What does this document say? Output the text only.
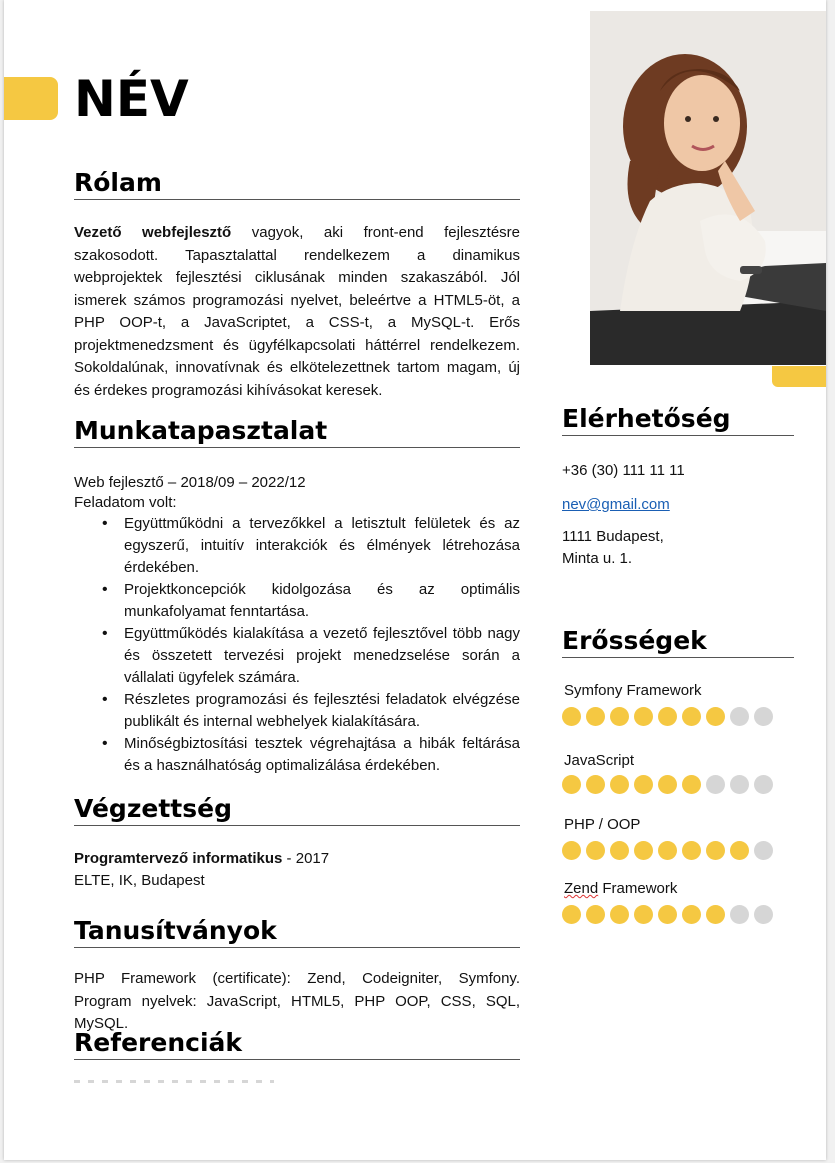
NÉV
Rólam
Vezető webfejlesztő vagyok, aki front-end fejlesztésre szakosodott. Tapasztalattal rendelkezem a dinamikus webprojektek fejlesztési ciklusának minden szakaszából. Jól ismerek számos programozási nyelvet, beleértve a HTML5-öt, a PHP OOP-t, a JavaScriptet, a CSS-t, a MySQL-t. Erős projektmenedzsment és ügyfélkapcsolati háttérrel rendelkezem. Sokoldalúnak, innovatívnak és elkötelezettnek tartom magam, új és érdekes programozási kihívásokat keresek.
Munkatapasztalat
Web fejlesztő – 2018/09 – 2022/12
Feladatom volt:
• Együttműködni a tervezőkkel a letisztult felületek és az egyszerű, intuitív interakciók és élmények létrehozása érdekében.
• Projektkoncepciók kidolgozása és az optimális munkafolyamat fenntartása.
• Együttműködés kialakítása a vezető fejlesztővel több nagy és összetett tervezési projekt menedzselése során a vállalati ügyfelek számára.
• Részletes programozási és fejlesztési feladatok elvégzése publikált és internal webhelyek kialakítására.
• Minőségbiztosítási tesztek végrehajtása a hibák feltárása és a használhatóság optimalizálása érdekében.
Végzettség
Programtervező informatikus - 2017
ELTE, IK, Budapest
Tanusítványok
PHP Framework (certificate): Zend, Codeigniter, Symfony. Program nyelvek: JavaScript, HTML5, PHP OOP, CSS, SQL, MySQL.
Referenciák
Elérhetőség
+36 (30) 111 11 11
nev@gmail.com
1111 Budapest,
Minta u. 1.
Erősségek
Symfony Framework
JavaScript
PHP / OOP
Zend Framework
